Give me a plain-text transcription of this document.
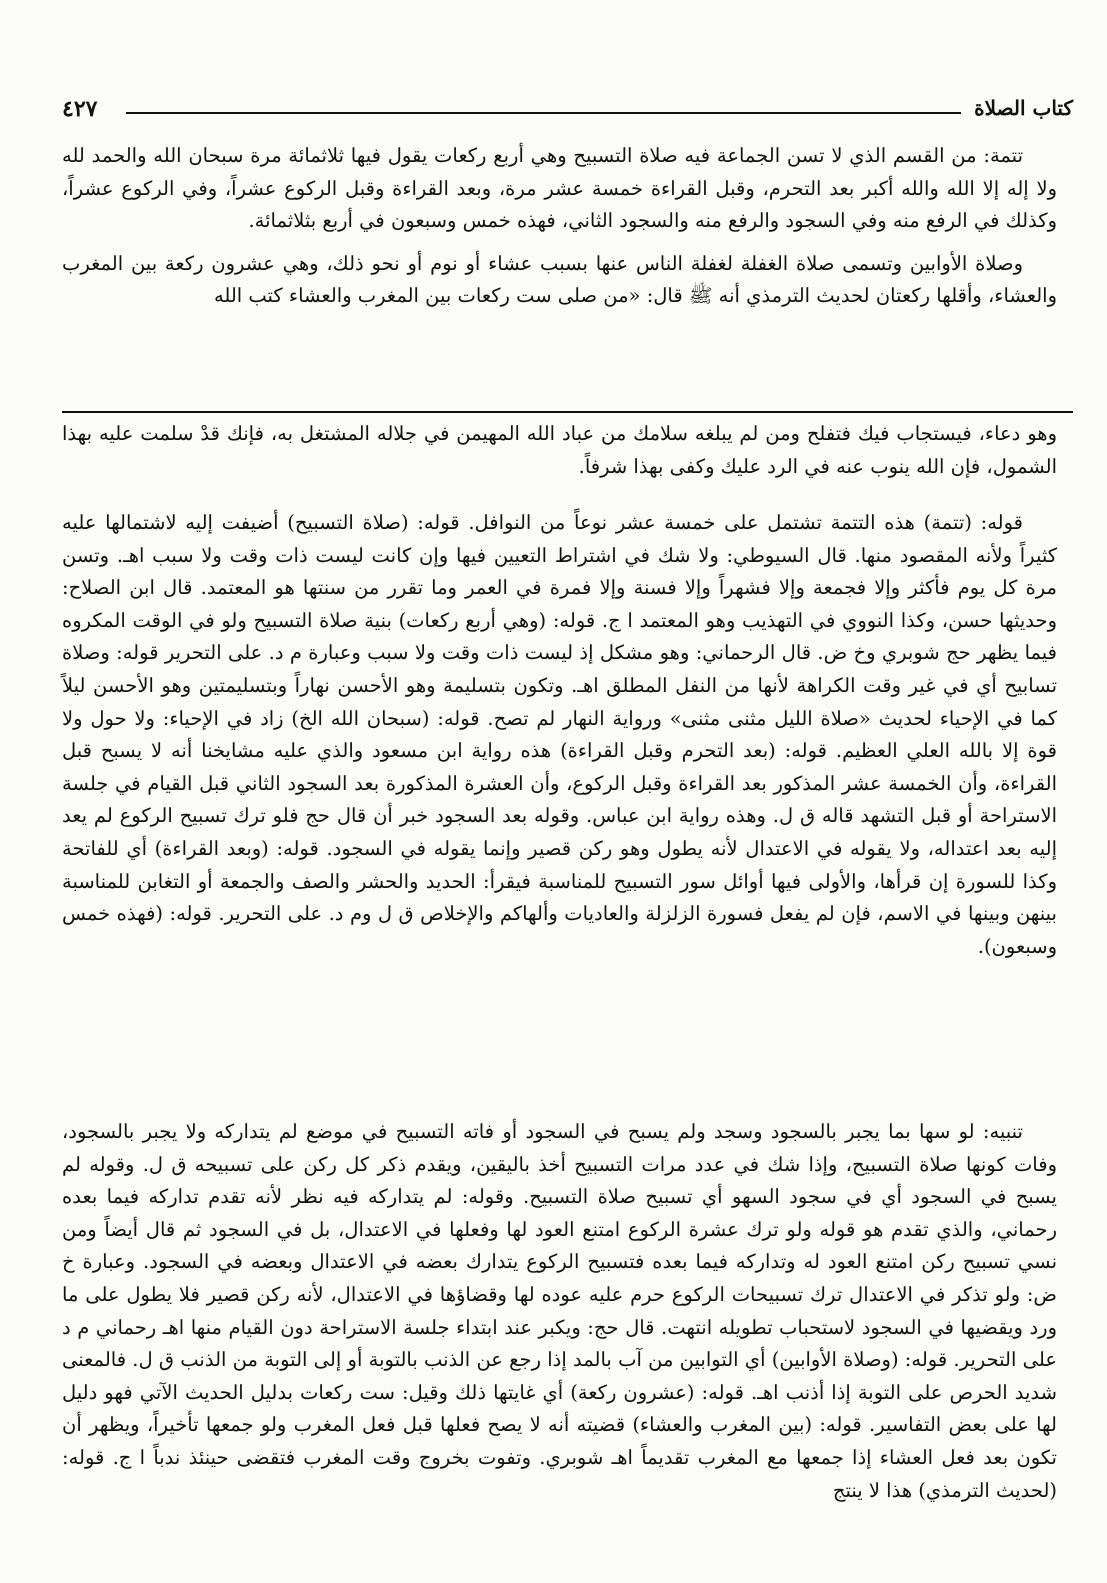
٤٢٧	كتاب الصلاة

تتمة: من القسم الذي لا تسن الجماعة فيه صلاة التسبيح وهي أربع ركعات يقول فيها ثلاثمائة مرة سبحان الله والحمد لله ولا إله إلا الله والله أكبر بعد التحرم، وقبل القراءة خمسة عشر مرة، وبعد القراءة وقبل الركوع عشراً، وفي الركوع عشراً، وكذلك في الرفع منه وفي السجود والرفع منه والسجود الثاني، فهذه خمس وسبعون في أربع بثلاثمائة.

وصلاة الأوابين وتسمى صلاة الغفلة لغفلة الناس عنها بسبب عشاء أو نوم أو نحو ذلك، وهي عشرون ركعة بين المغرب والعشاء، وأقلها ركعتان لحديث الترمذي أنه ﷺ قال: «من صلى ست ركعات بين المغرب والعشاء كتب الله

وهو دعاء، فيستجاب فيك فتفلح ومن لم يبلغه سلامك من عباد الله المهيمن في جلاله المشتغل به، فإنك قدْ سلمت عليه بهذا الشمول، فإن الله ينوب عنه في الرد عليك وكفى بهذا شرفاً.

قوله: (تتمة) هذه التتمة تشتمل على خمسة عشر نوعاً من النوافل. قوله: (صلاة التسبيح) أضيفت إليه لاشتمالها عليه كثيراً ولأنه المقصود منها. قال السيوطي: ولا شك في اشتراط التعيين فيها وإن كانت ليست ذات وقت ولا سبب اهـ. وتسن مرة كل يوم فأكثر وإلا فجمعة وإلا فشهراً وإلا فسنة وإلا فمرة في العمر وما تقرر من سنتها هو المعتمد. قال ابن الصلاح: وحديثها حسن، وكذا النووي في التهذيب وهو المعتمد ا ج. قوله: (وهي أربع ركعات) بنية صلاة التسبيح ولو في الوقت المكروه فيما يظهر حج شوبري وخ ض. قال الرحماني: وهو مشكل إذ ليست ذات وقت ولا سبب وعبارة م د. على التحرير قوله: وصلاة تسابيح أي في غير وقت الكراهة لأنها من النفل المطلق اهـ. وتكون بتسليمة وهو الأحسن نهاراً وبتسليمتين وهو الأحسن ليلاً كما في الإحياء لحديث «صلاة الليل مثنى مثنى» ورواية النهار لم تصح. قوله: (سبحان الله الخ) زاد في الإحياء: ولا حول ولا قوة إلا بالله العلي العظيم. قوله: (بعد التحرم وقبل القراءة) هذه رواية ابن مسعود والذي عليه مشايخنا أنه لا يسبح قبل القراءة، وأن الخمسة عشر المذكور بعد القراءة وقبل الركوع، وأن العشرة المذكورة بعد السجود الثاني قبل القيام في جلسة الاستراحة أو قبل التشهد قاله ق ل. وهذه رواية ابن عباس. وقوله بعد السجود خبر أن قال حج فلو ترك تسبيح الركوع لم يعد إليه بعد اعتداله، ولا يقوله في الاعتدال لأنه يطول وهو ركن قصير وإنما يقوله في السجود. قوله: (وبعد القراءة) أي للفاتحة وكذا للسورة إن قرأها، والأولى فيها أوائل سور التسبيح للمناسبة فيقرأ: الحديد والحشر والصف والجمعة أو التغابن للمناسبة بينهن وبينها في الاسم، فإن لم يفعل فسورة الزلزلة والعاديات وألهاكم والإخلاص ق ل وم د. على التحرير. قوله: (فهذه خمس وسبعون).

تنبيه: لو سها بما يجبر بالسجود وسجد ولم يسبح في السجود أو فاته التسبيح في موضع لم يتداركه ولا يجبر بالسجود، وفات كونها صلاة التسبيح، وإذا شك في عدد مرات التسبيح أخذ باليقين، ويقدم ذكر كل ركن على تسبيحه ق ل. وقوله لم يسبح في السجود أي في سجود السهو أي تسبيح صلاة التسبيح. وقوله: لم يتداركه فيه نظر لأنه تقدم تداركه فيما بعده رحماني، والذي تقدم هو قوله ولو ترك عشرة الركوع امتنع العود لها وفعلها في الاعتدال، بل في السجود ثم قال أيضاً ومن نسي تسبيح ركن امتنع العود له وتداركه فيما بعده فتسبيح الركوع يتدارك بعضه في الاعتدال وبعضه في السجود. وعبارة خ ض: ولو تذكر في الاعتدال ترك تسبيحات الركوع حرم عليه عوده لها وقضاؤها في الاعتدال، لأنه ركن قصير فلا يطول على ما ورد ويقضيها في السجود لاستحباب تطويله انتهت. قال حج: ويكبر عند ابتداء جلسة الاستراحة دون القيام منها اهـ رحماني م د على التحرير. قوله: (وصلاة الأوابين) أي التوابين من آب بالمد إذا رجع عن الذنب بالتوبة أو إلى التوبة من الذنب ق ل. فالمعنى شديد الحرص على التوبة إذا أذنب اهـ. قوله: (عشرون ركعة) أي غايتها ذلك وقيل: ست ركعات بدليل الحديث الآتي فهو دليل لها على بعض التفاسير. قوله: (بين المغرب والعشاء) قضيته أنه لا يصح فعلها قبل فعل المغرب ولو جمعها تأخيراً، ويظهر أن تكون بعد فعل العشاء إذا جمعها مع المغرب تقديماً اهـ شوبري. وتفوت بخروج وقت المغرب فتقضى حينئذ ندباً ا ج. قوله: (لحديث الترمذي) هذا لا ينتج
